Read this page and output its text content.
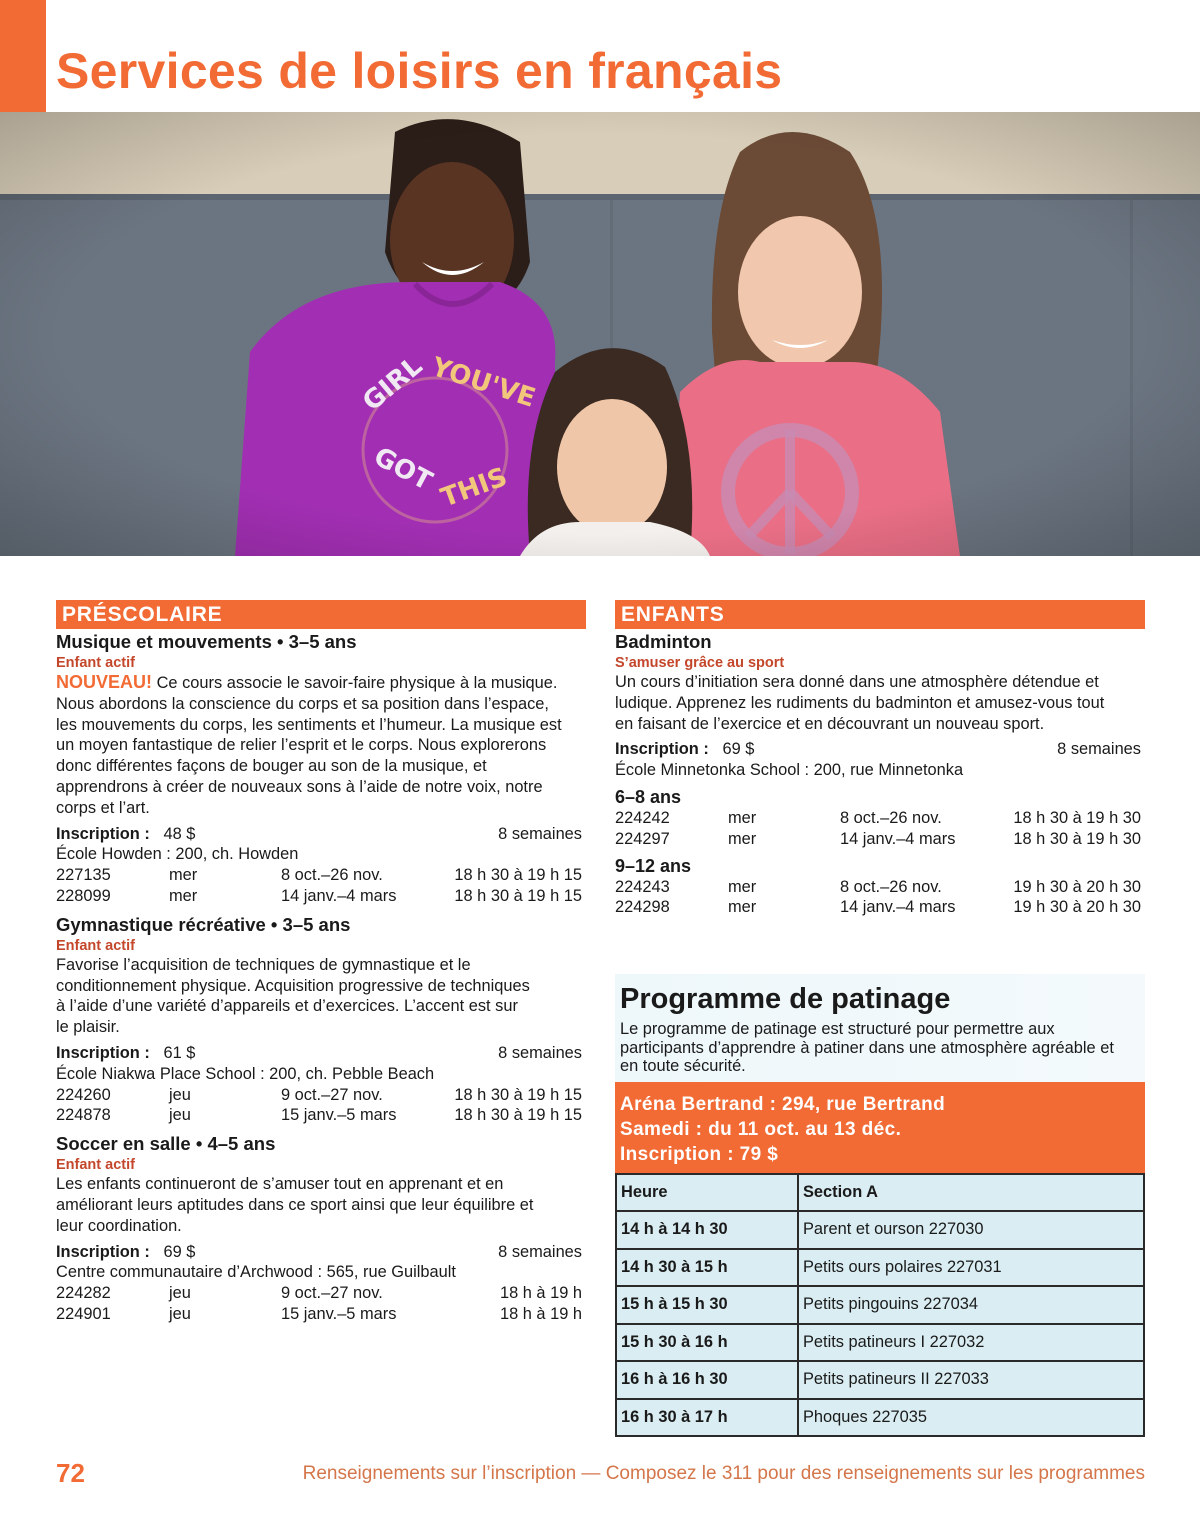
Services de loisirs en français
PRÉSCOLAIRE
Musique et mouvements • 3–5 ans
Enfant actif
NOUVEAU! Ce cours associe le savoir-faire physique à la musique.
Nous abordons la conscience du corps et sa position dans l’espace,
les mouvements du corps, les sentiments et l’humeur. La musique est
un moyen fantastique de relier l’esprit et le corps. Nous explorerons
donc différentes façons de bouger au son de la musique, et
apprendrons à créer de nouveaux sons à l’aide de notre voix, notre
corps et l’art.
Inscription : 48 $	8 semaines
École Howden : 200, ch. Howden
227135	mer	8 oct.–26 nov.	18 h 30 à 19 h 15
228099	mer	14 janv.–4 mars	18 h 30 à 19 h 15
Gymnastique récréative • 3–5 ans
Enfant actif
Favorise l’acquisition de techniques de gymnastique et le
conditionnement physique. Acquisition progressive de techniques
à l’aide d’une variété d’appareils et d’exercices. L’accent est sur
le plaisir.
Inscription : 61 $	8 semaines
École Niakwa Place School : 200, ch. Pebble Beach
224260	jeu	9 oct.–27 nov.	18 h 30 à 19 h 15
224878	jeu	15 janv.–5 mars	18 h 30 à 19 h 15
Soccer en salle • 4–5 ans
Enfant actif
Les enfants continueront de s’amuser tout en apprenant et en
améliorant leurs aptitudes dans ce sport ainsi que leur équilibre et
leur coordination.
Inscription : 69 $	8 semaines
Centre communautaire d’Archwood : 565, rue Guilbault
224282	jeu	9 oct.–27 nov.	18 h à 19 h
224901	jeu	15 janv.–5 mars	18 h à 19 h
ENFANTS
Badminton
S’amuser grâce au sport
Un cours d’initiation sera donné dans une atmosphère détendue et
ludique. Apprenez les rudiments du badminton et amusez-vous tout
en faisant de l’exercice et en découvrant un nouveau sport.
Inscription : 69 $	8 semaines
École Minnetonka School : 200, rue Minnetonka
6–8 ans
224242	mer	8 oct.–26 nov.	18 h 30 à 19 h 30
224297	mer	14 janv.–4 mars	18 h 30 à 19 h 30
9–12 ans
224243	mer	8 oct.–26 nov.	19 h 30 à 20 h 30
224298	mer	14 janv.–4 mars	19 h 30 à 20 h 30
Programme de patinage
Le programme de patinage est structuré pour permettre aux
participants d’apprendre à patiner dans une atmosphère agréable et
en toute sécurité.
Aréna Bertrand : 294, rue Bertrand
Samedi : du 11 oct. au 13 déc.
Inscription : 79 $
Heure	Section A
14 h à 14 h 30	Parent et ourson 227030
14 h 30 à 15 h	Petits ours polaires 227031
15 h à 15 h 30	Petits pingouins 227034
15 h 30 à 16 h	Petits patineurs I 227032
16 h à 16 h 30	Petits patineurs II 227033
16 h 30 à 17 h	Phoques 227035
72	Renseignements sur l’inscription — Composez le 311 pour des renseignements sur les programmes
